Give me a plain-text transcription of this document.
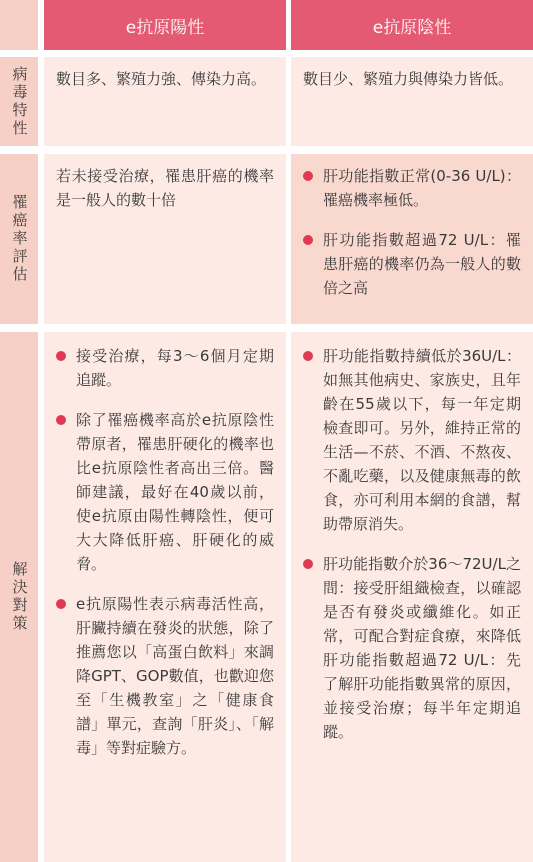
e抗原陽性	e抗原陰性
病毒特性 數目多、繁殖力強、傳染力高。	數目少、繁殖力與傳染力皆低。
罹癌率評估
若未接受治療，罹患肝癌的機率是一般人的數十倍
肝功能指數正常(0-36 U/L)：罹癌機率極低。
肝功能指數超過72 U/L：罹患肝癌的機率仍為一般人的數倍之高
解決對策
接受治療，每3～6個月定期追蹤。
除了罹癌機率高於e抗原陰性帶原者，罹患肝硬化的機率也比e抗原陰性者高出三倍。醫師建議，最好在40歲以前，使e抗原由陽性轉陰性，便可大大降低肝癌、肝硬化的威脅。
e抗原陽性表示病毒活性高，肝臟持續在發炎的狀態，除了推薦您以「高蛋白飲料」來調降GPT、GOP數值，也歡迎您至「生機教室」之「健康食譜」單元，查詢「肝炎」、「解毒」等對症驗方。
肝功能指數持續低於36U/L：如無其他病史、家族史，且年齡在55歲以下，每一年定期檢查即可。另外，維持正常的生活—不菸、不酒、不熬夜、不亂吃藥，以及健康無毒的飲食，亦可利用本網的食譜，幫助帶原消失。
肝功能指數介於36～72U/L之間：接受肝組織檢查，以確認是否有發炎或纖維化。如正常，可配合對症食療，來降低肝功能指數超過72 U/L：先了解肝功能指數異常的原因，並接受治療；每半年定期追蹤。
